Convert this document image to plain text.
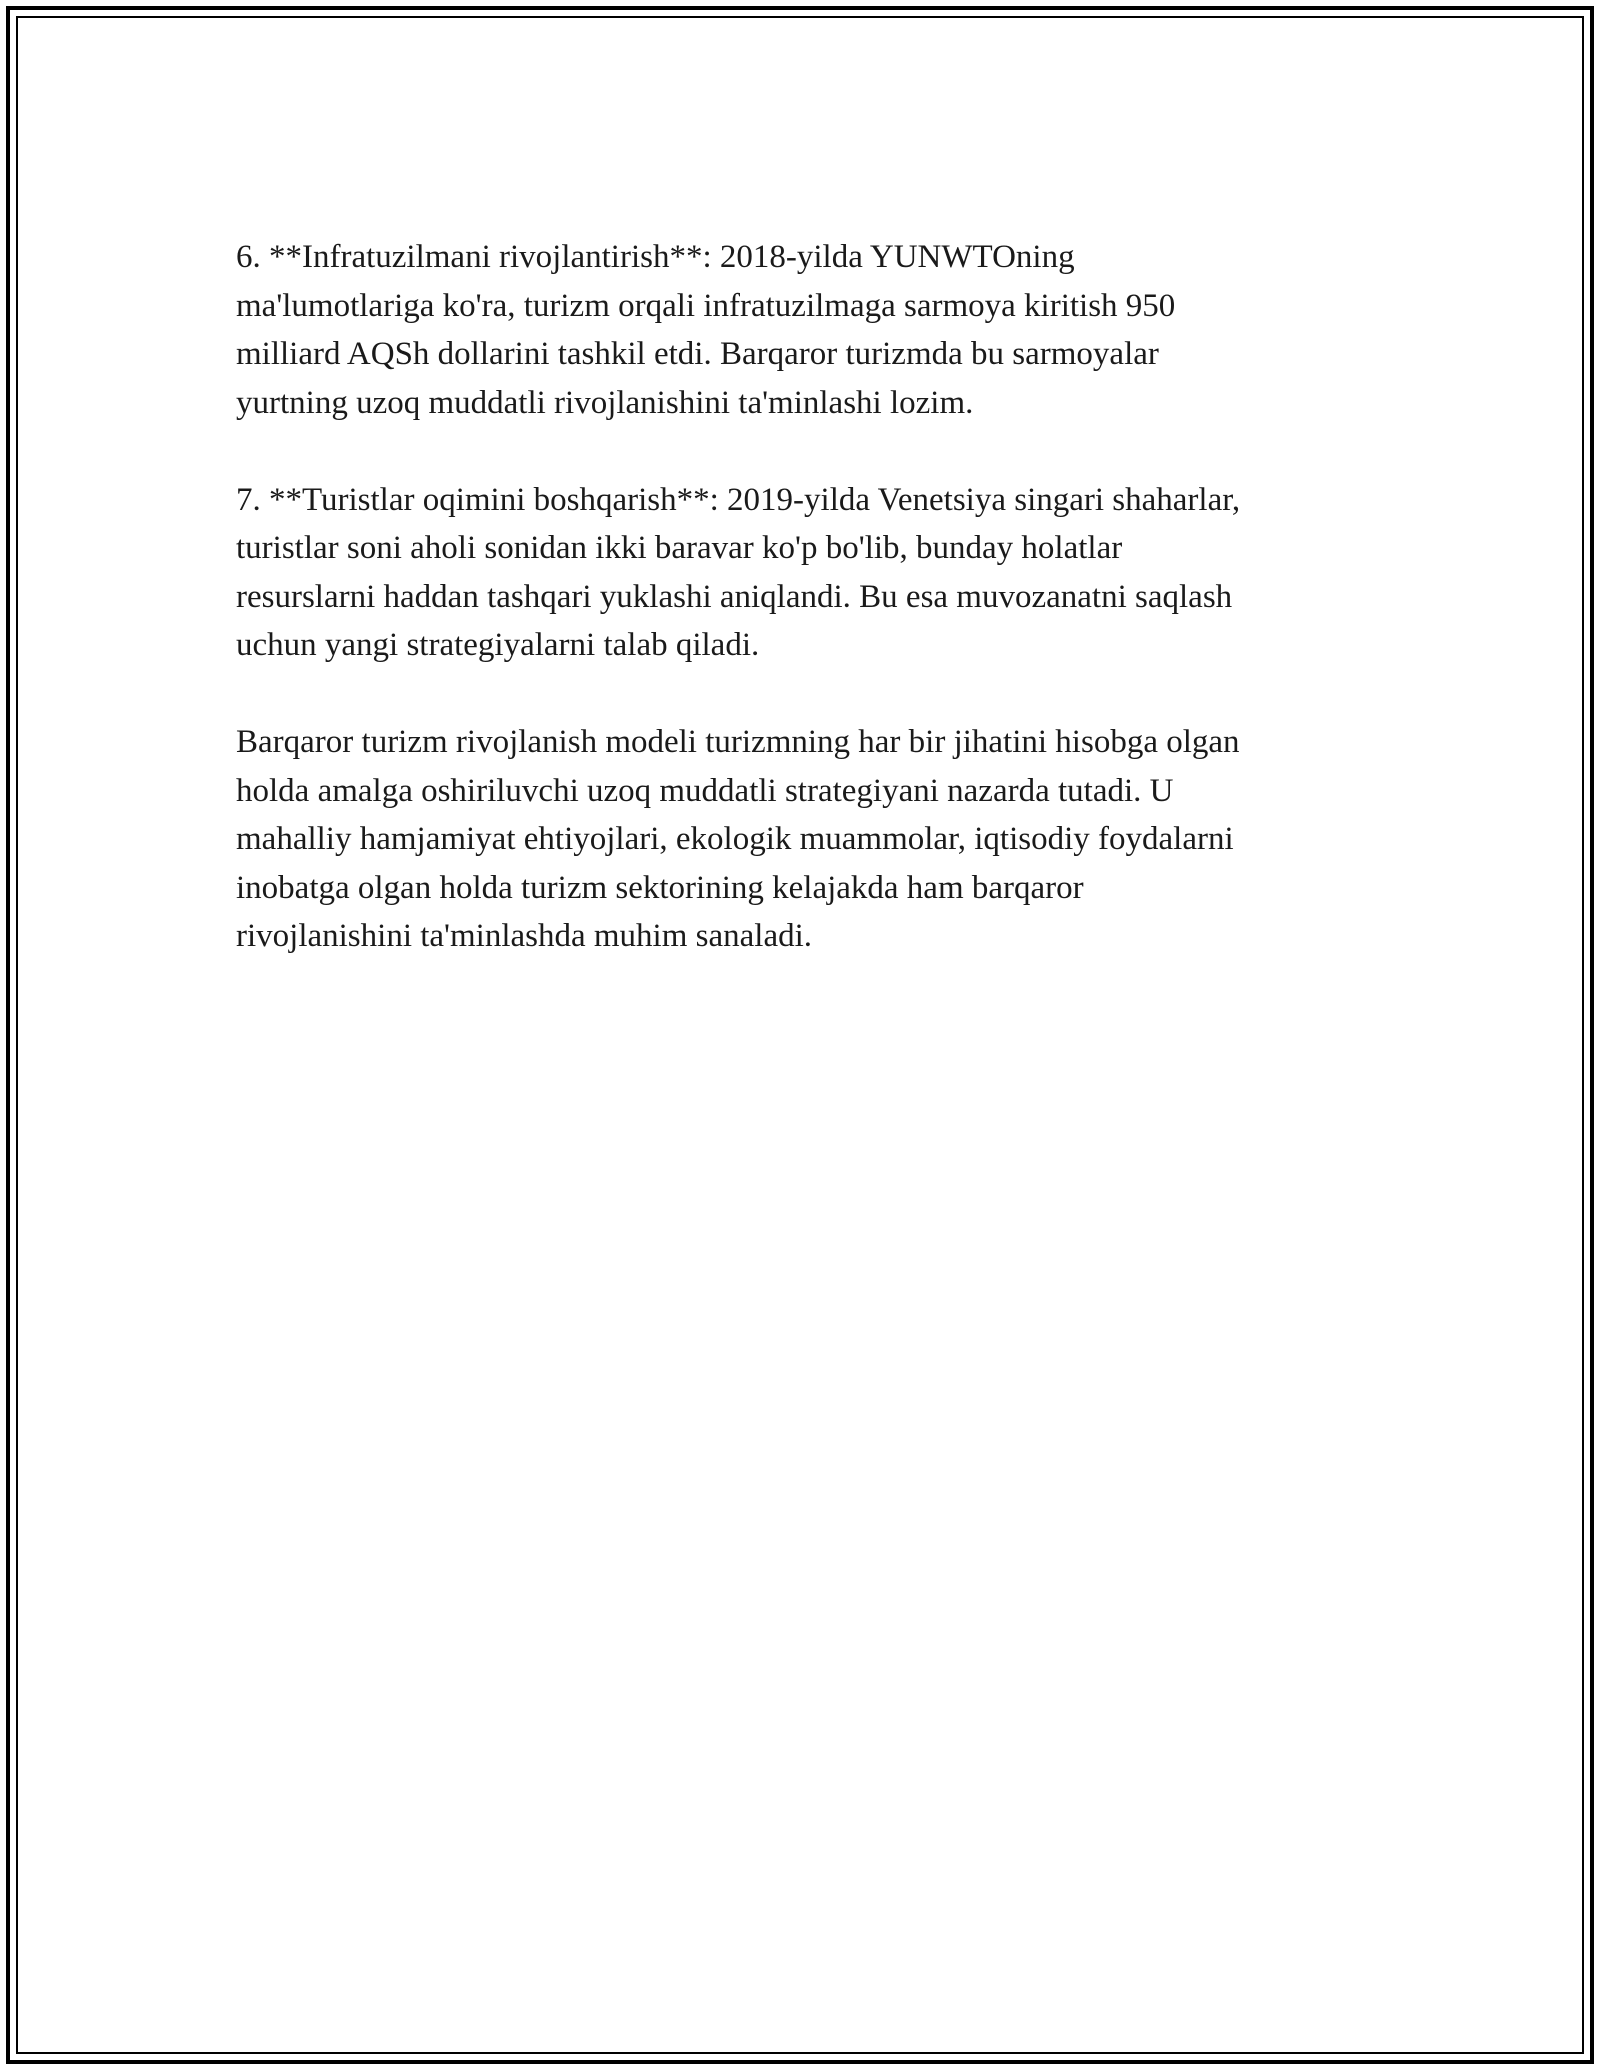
6. **Infratuzilmani rivojlantirish**: 2018-yilda YUNWTOning
ma'lumotlariga ko'ra, turizm orqali infratuzilmaga sarmoya kiritish 950
milliard AQSh dollarini tashkil etdi. Barqaror turizmda bu sarmoyalar
yurtning uzoq muddatli rivojlanishini ta'minlashi lozim.

7. **Turistlar oqimini boshqarish**: 2019-yilda Venetsiya singari shaharlar,
turistlar soni aholi sonidan ikki baravar ko'p bo'lib, bunday holatlar
resurslarni haddan tashqari yuklashi aniqlandi. Bu esa muvozanatni saqlash
uchun yangi strategiyalarni talab qiladi.

Barqaror turizm rivojlanish modeli turizmning har bir jihatini hisobga olgan
holda amalga oshiriluvchi uzoq muddatli strategiyani nazarda tutadi. U
mahalliy hamjamiyat ehtiyojlari, ekologik muammolar, iqtisodiy foydalarni
inobatga olgan holda turizm sektorining kelajakda ham barqaror
rivojlanishini ta'minlashda muhim sanaladi.
